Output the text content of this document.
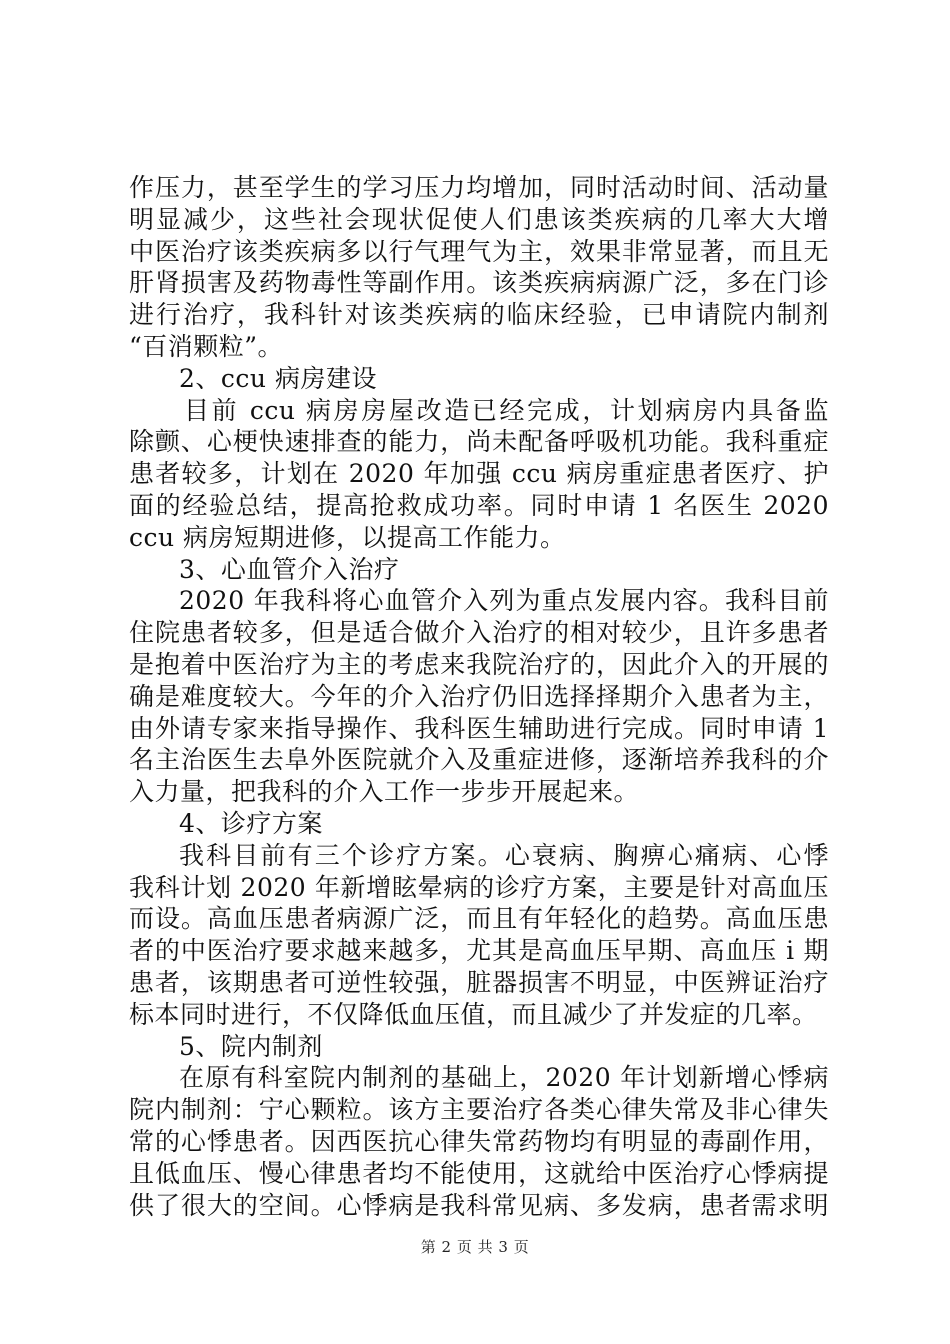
作压力，甚至学生的学习压力均增加，同时活动时间、活动量
明显减少，这些社会现状促使人们患该类疾病的几率大大增
中医治疗该类疾病多以行气理气为主，效果非常显著，而且无
肝肾损害及药物毒性等副作用。该类疾病病源广泛，多在门诊
进行治疗，我科针对该类疾病的临床经验，已申请院内制剂
“百消颗粒”。
2、ccu 病房建设
目前 ccu 病房房屋改造已经完成，计划病房内具备监
除颤、心梗快速排查的能力，尚未配备呼吸机功能。我科重症
患者较多，计划在 2020 年加强 ccu 病房重症患者医疗、护
面的经验总结，提高抢救成功率。同时申请 1 名医生 2020
ccu 病房短期进修，以提高工作能力。
3、心血管介入治疗
2020 年我科将心血管介入列为重点发展内容。我科目前
住院患者较多，但是适合做介入治疗的相对较少，且许多患者
是抱着中医治疗为主的考虑来我院治疗的，因此介入的开展的
确是难度较大。今年的介入治疗仍旧选择择期介入患者为主，
由外请专家来指导操作、我科医生辅助进行完成。同时申请 1
名主治医生去阜外医院就介入及重症进修，逐渐培养我科的介
入力量，把我科的介入工作一步步开展起来。
4、诊疗方案
我科目前有三个诊疗方案。心衰病、胸痹心痛病、心悸
我科计划 2020 年新增眩晕病的诊疗方案，主要是针对高血压
而设。高血压患者病源广泛，而且有年轻化的趋势。高血压患
者的中医治疗要求越来越多，尤其是高血压早期、高血压 i 期
患者，该期患者可逆性较强，脏器损害不明显，中医辨证治疗
标本同时进行，不仅降低血压值，而且减少了并发症的几率。
5、院内制剂
在原有科室院内制剂的基础上，2020 年计划新增心悸病
院内制剂：宁心颗粒。该方主要治疗各类心律失常及非心律失
常的心悸患者。因西医抗心律失常药物均有明显的毒副作用，
且低血压、慢心律患者均不能使用，这就给中医治疗心悸病提
供了很大的空间。心悸病是我科常见病、多发病，患者需求明
第 2 页 共 3 页
